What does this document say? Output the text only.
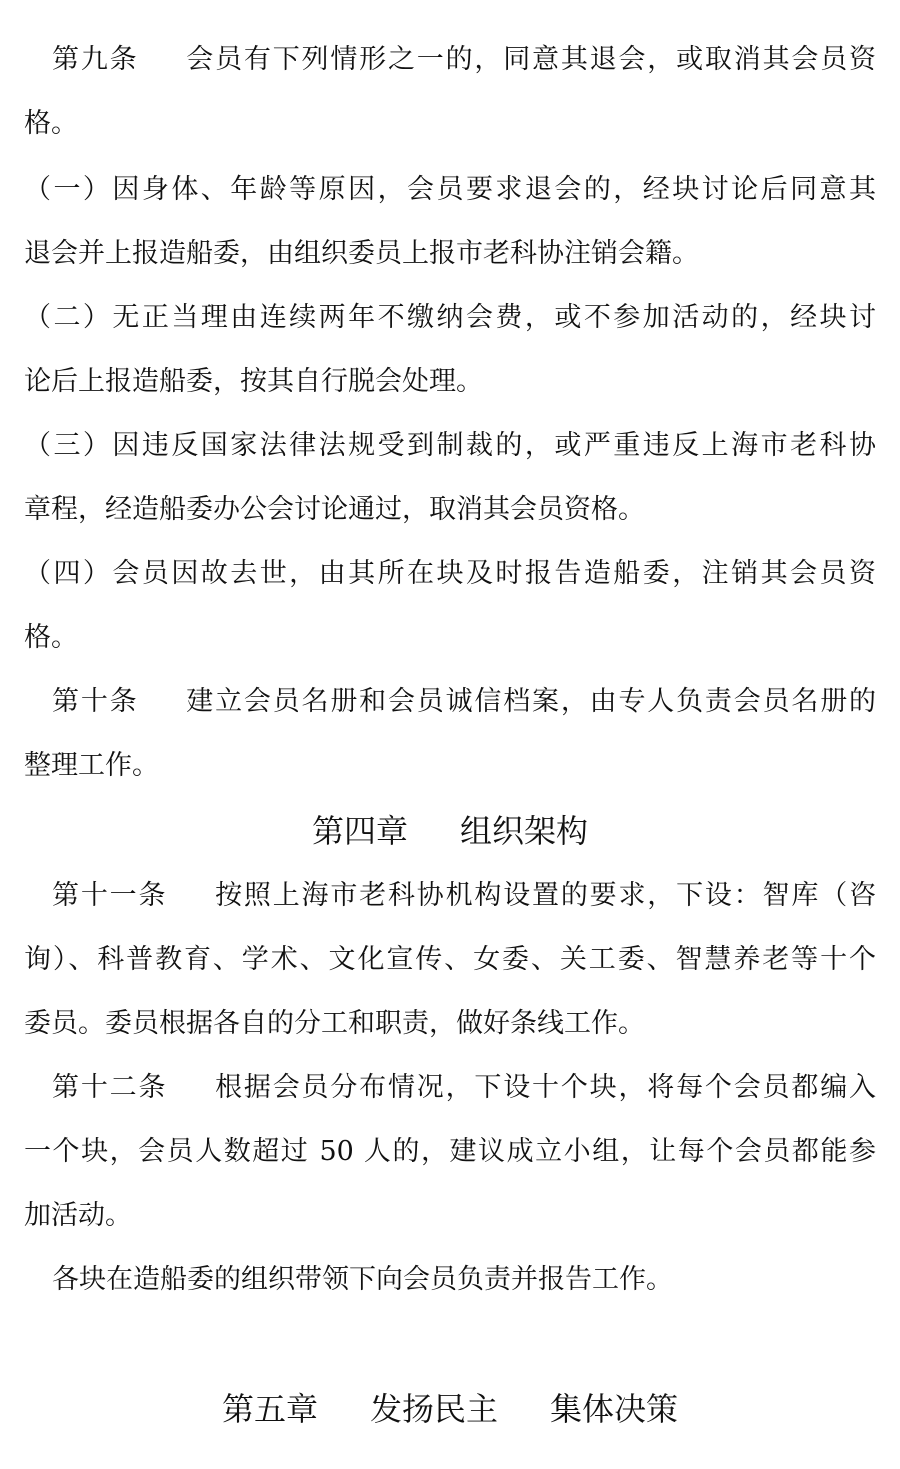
第九条 会员有下列情形之一的，同意其退会，或取消其会员资
格。
（一）因身体、年龄等原因，会员要求退会的，经块讨论后同意其
退会并上报造船委，由组织委员上报市老科协注销会籍。
（二）无正当理由连续两年不缴纳会费，或不参加活动的，经块讨
论后上报造船委，按其自行脱会处理。
（三）因违反国家法律法规受到制裁的，或严重违反上海市老科协
章程，经造船委办公会讨论通过，取消其会员资格。
（四）会员因故去世，由其所在块及时报告造船委，注销其会员资
格。
第十条 建立会员名册和会员诚信档案，由专人负责会员名册的
整理工作。
第四章 组织架构
第十一条 按照上海市老科协机构设置的要求，下设：智库（咨
询）、科普教育、学术、文化宣传、女委、关工委、智慧养老等十个
委员。委员根据各自的分工和职责，做好条线工作。
第十二条 根据会员分布情况，下设十个块，将每个会员都编入
一个块，会员人数超过 50 人的，建议成立小组，让每个会员都能参
加活动。
各块在造船委的组织带领下向会员负责并报告工作。
第五章 发扬民主 集体决策
